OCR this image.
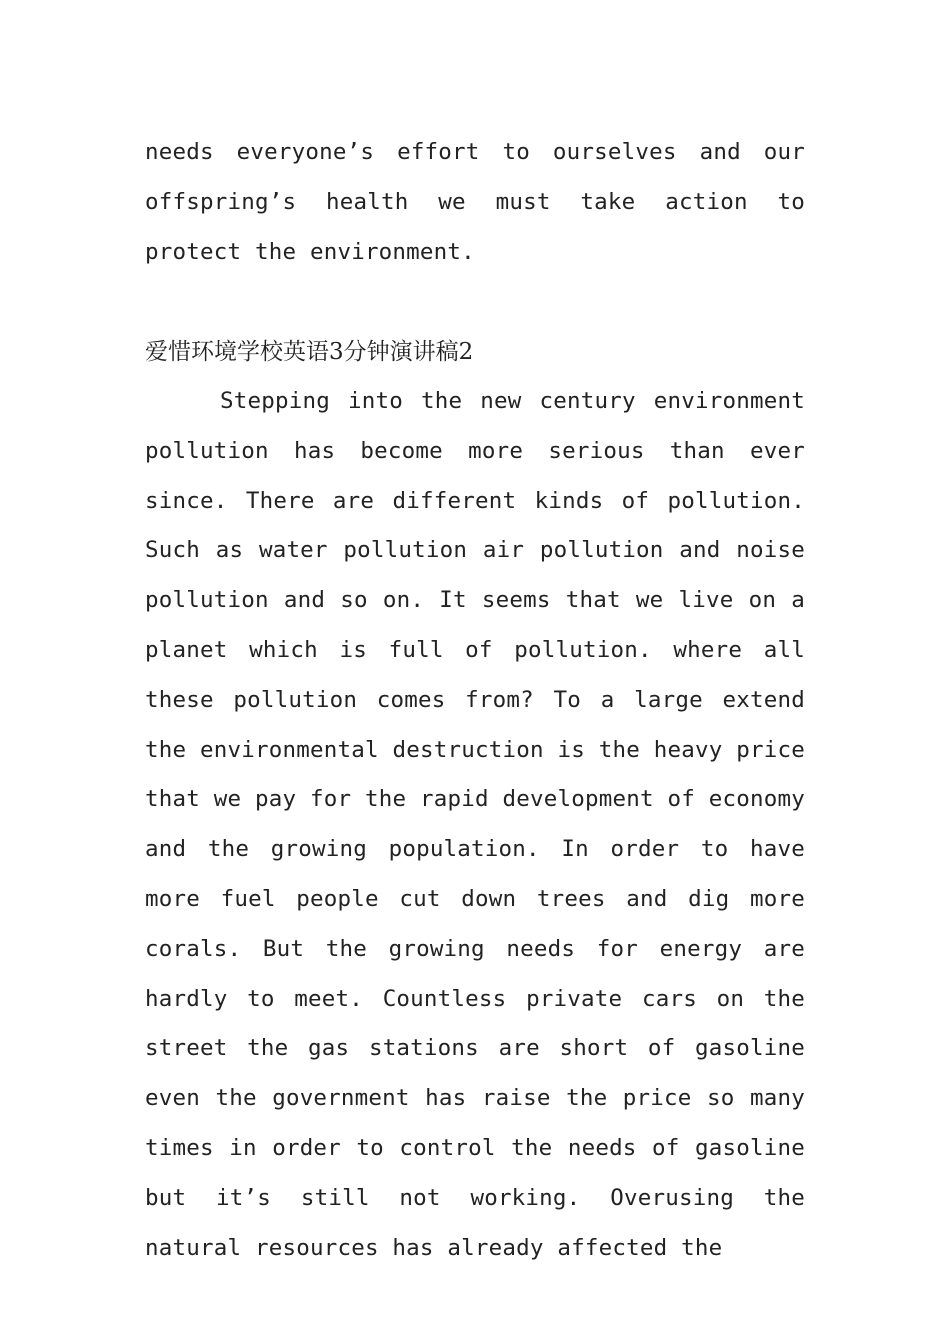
needs everyone’s effort to ourselves and our offspring’s health we must take action to protect the environment.

爱惜环境学校英语3分钟演讲稿2

Stepping into the new century environment pollution has become more serious than ever since. There are different kinds of pollution. Such as water pollution air pollution and noise pollution and so on. It seems that we live on a planet which is full of pollution. where all these pollution comes from? To a large extend the environmental destruction is the heavy price that we pay for the rapid development of economy and the growing population. In order to have more fuel people cut down trees and dig more corals. But the growing needs for energy are hardly to meet. Countless private cars on the street the gas stations are short of gasoline even the government has raise the price so many times in order to control the needs of gasoline but it’s still not working. Overusing the natural resources has already affected the
